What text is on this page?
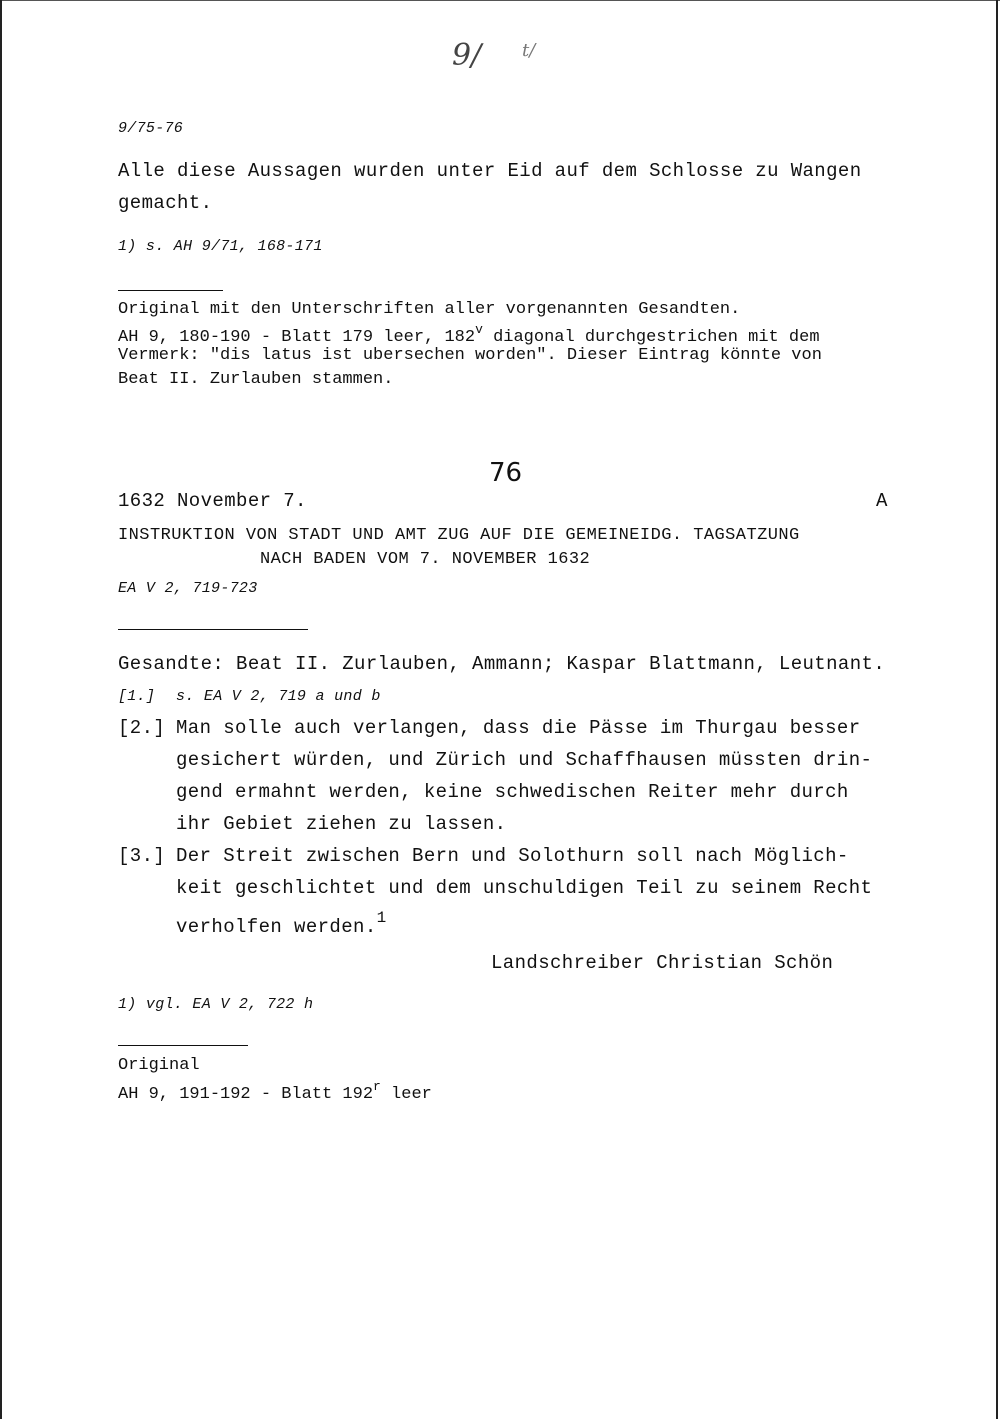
9/ t/
9/75-76
Alle diese Aussagen wurden unter Eid auf dem Schlosse zu Wangen
gemacht.
1) s. AH 9/71, 168-171
Original mit den Unterschriften aller vorgenannten Gesandten.
AH 9, 180-190 - Blatt 179 leer, 182$^v$ diagonal durchgestrichen mit dem
Vermerk: "dis latus ist ubersechen worden". Dieser Eintrag könnte von
Beat II. Zurlauben stammen.
76
1632 November 7.	A
INSTRUKTION VON STADT UND AMT ZUG AUF DIE GEMEINEIDG. TAGSATZUNG
NACH BADEN VOM 7. NOVEMBER 1632
EA V 2, 719-723
Gesandte: Beat II. Zurlauben, Ammann; Kaspar Blattmann, Leutnant.
[1.] s. EA V 2, 719 a und b
[2.] Man solle auch verlangen, dass die Pässe im Thurgau besser
gesichert würden, und Zürich und Schaffhausen müssten drin-
gend ermahnt werden, keine schwedischen Reiter mehr durch
ihr Gebiet ziehen zu lassen.
[3.] Der Streit zwischen Bern und Solothurn soll nach Möglich-
keit geschlichtet und dem unschuldigen Teil zu seinem Recht
verholfen werden.$^1$
Landschreiber Christian Schön
1) vgl. EA V 2, 722 h
Original
AH 9, 191-192 - Blatt 192$^r$ leer
